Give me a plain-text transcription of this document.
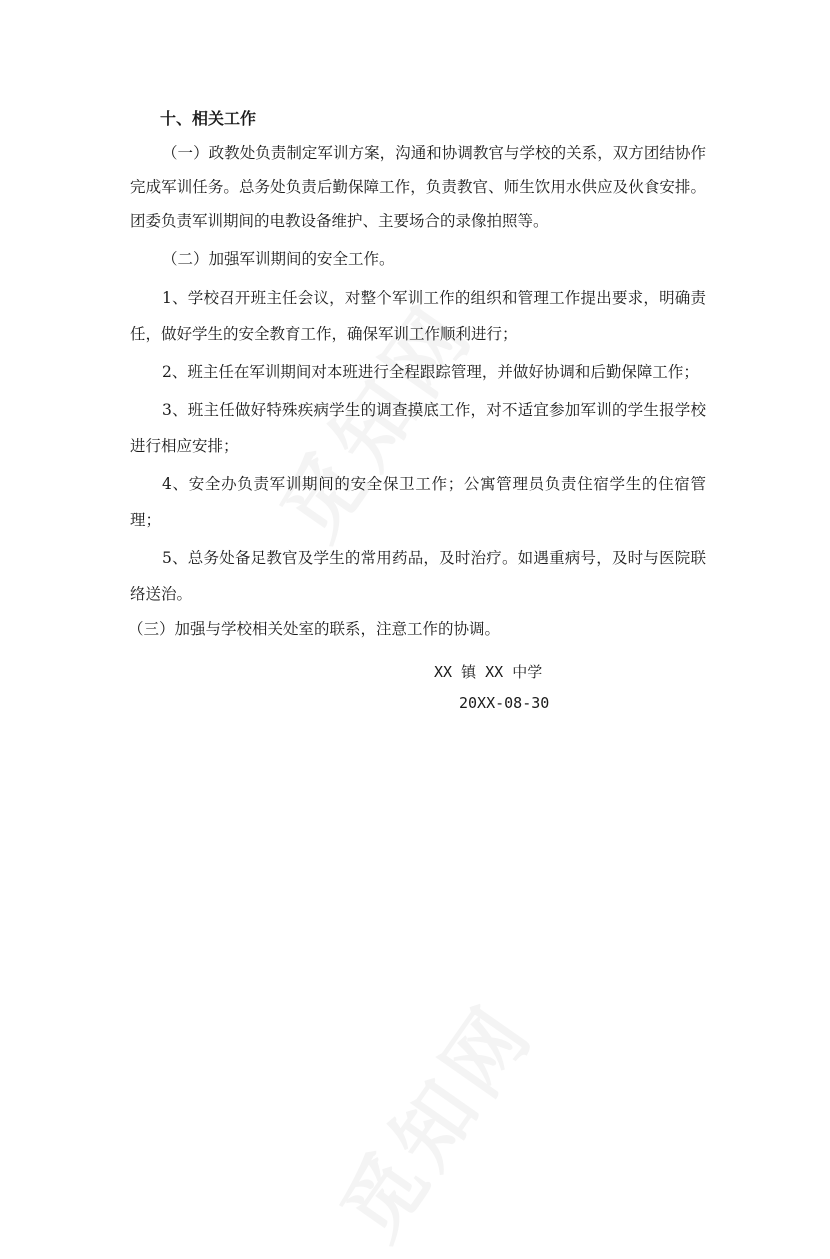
十、相关工作

（一）政教处负责制定军训方案，沟通和协调教官与学校的关系，双方团结协作完成军训任务。总务处负责后勤保障工作，负责教官、师生饮用水供应及伙食安排。团委负责军训期间的电教设备维护、主要场合的录像拍照等。

（二）加强军训期间的安全工作。

1、学校召开班主任会议，对整个军训工作的组织和管理工作提出要求，明确责任，做好学生的安全教育工作，确保军训工作顺利进行；

2、班主任在军训期间对本班进行全程跟踪管理，并做好协调和后勤保障工作；

3、班主任做好特殊疾病学生的调查摸底工作，对不适宜参加军训的学生报学校进行相应安排；

4、安全办负责军训期间的安全保卫工作；公寓管理员负责住宿学生的住宿管理；

5、总务处备足教官及学生的常用药品，及时治疗。如遇重病号，及时与医院联络送治。

（三）加强与学校相关处室的联系，注意工作的协调。

XX 镇 XX 中学
20XX-08-30
